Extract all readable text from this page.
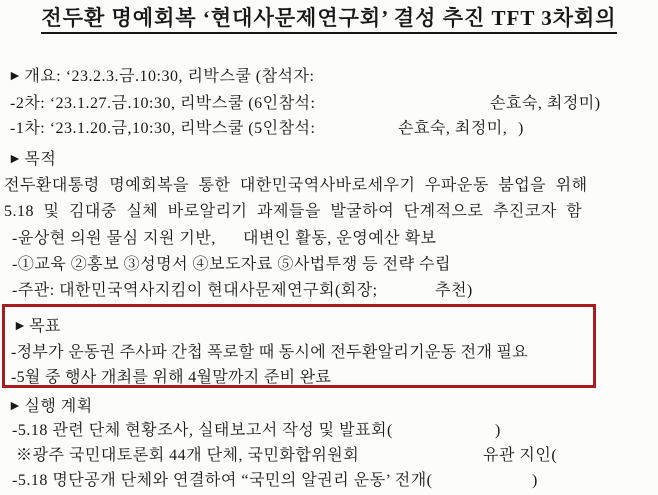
전두환 명예회복 ‘현대사문제연구회’ 결성 추진 TFT 3차회의
► 개요: ‘23.2.3.금.10:30, 리박스쿨 (참석자:
-2차: ‘23.1.27.금.10:30, 리박스쿨 (6인참석:	손효숙, 최정미)
-1차: ‘23.1.20.금,10:30, 리박스쿨 (5인참석:	손효숙, 최정미, )
► 목적
전두환대통령 명예회복을 통한 대한민국역사바로세우기 우파운동 붐업을 위해
5.18 및 김대중 실체 바로알리기 과제들을 발굴하여 단계적으로 추진코자 함
-윤상현 의원 물심 지원 기반, 대변인 활동, 운영예산 확보
-①교육 ②홍보 ③성명서 ④보도자료 ⑤사법투쟁 등 전략 수립
-주관: 대한민국역사지킴이 현대사문제연구회(회장;	추천)
► 목표
-정부가 운동권 주사파 간첩 폭로할 때 동시에 전두환알리기운동 전개 필요
-5월 중 행사 개최를 위해 4월말까지 준비 완료
► 실행 계획
-5.18 관련 단체 현황조사, 실태보고서 작성 및 발표회(	)
※광주 국민대토론회 44개 단체, 국민화합위원회	유관 지인(
-5.18 명단공개 단체와 연결하여 “국민의 알권리 운동’ 전개(	)
